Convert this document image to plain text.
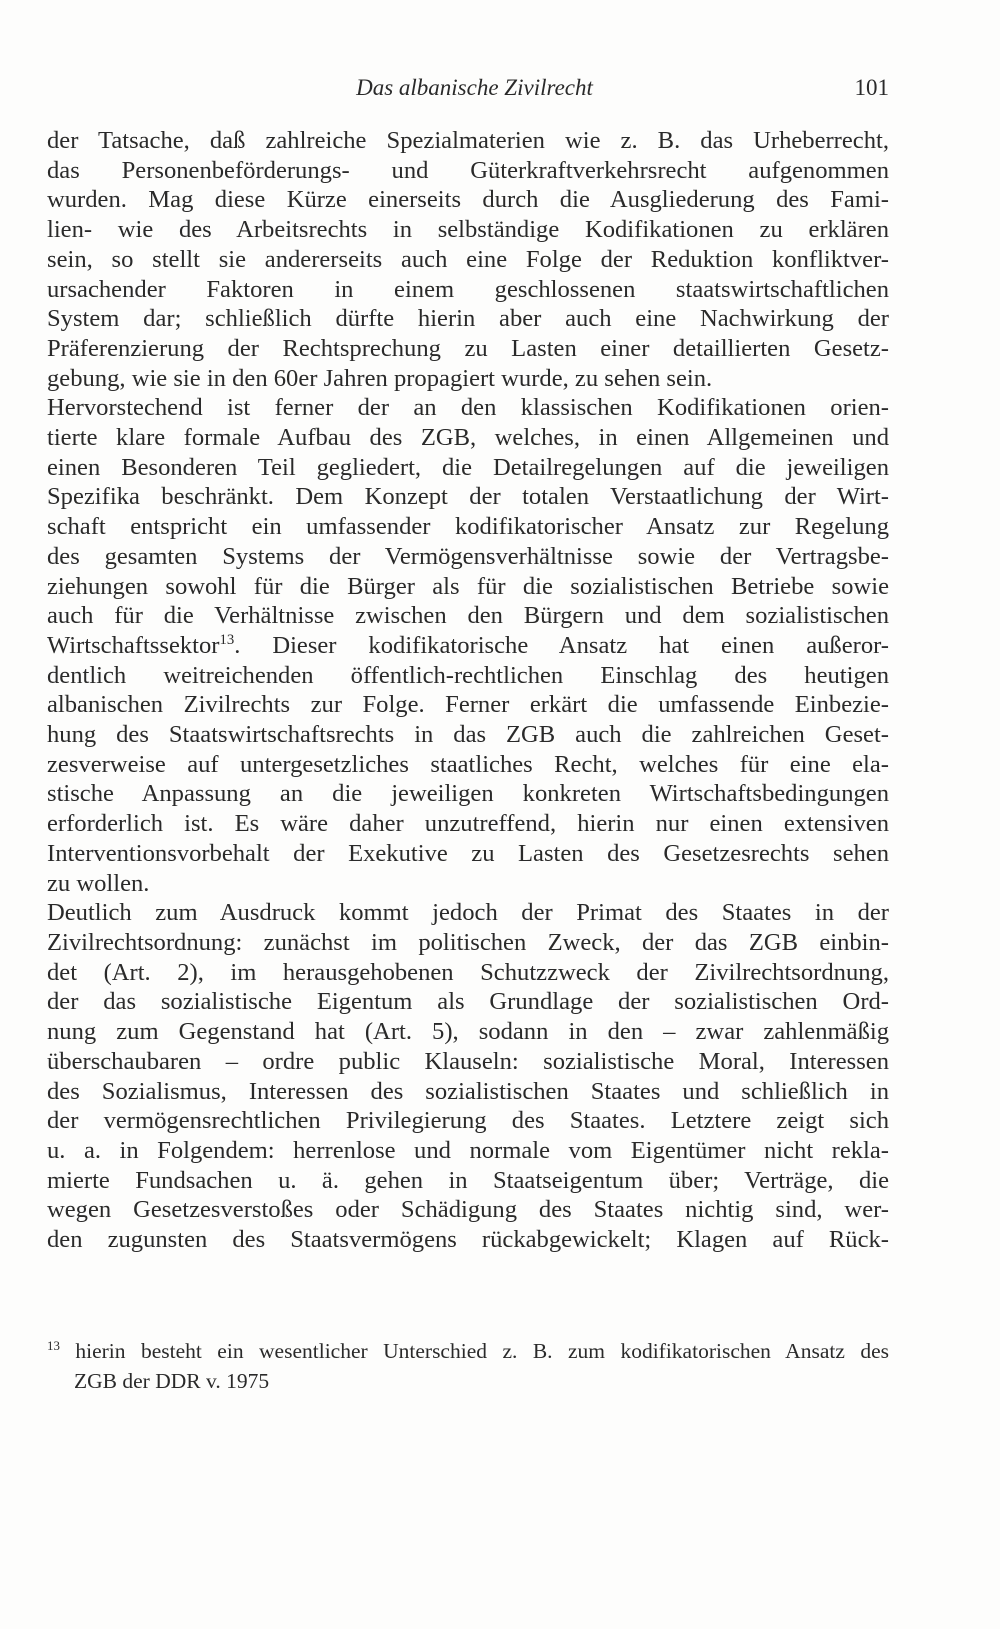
Das albanische Zivilrecht	101
der Tatsache, daß zahlreiche Spezialmaterien wie z. B. das Urheberrecht,
das Personenbeförderungs- und Güterkraftverkehrsrecht aufgenommen
wurden. Mag diese Kürze einerseits durch die Ausgliederung des Fami-
lien- wie des Arbeitsrechts in selbständige Kodifikationen zu erklären
sein, so stellt sie andererseits auch eine Folge der Reduktion konfliktver-
ursachender Faktoren in einem geschlossenen staatswirtschaftlichen
System dar; schließlich dürfte hierin aber auch eine Nachwirkung der
Präferenzierung der Rechtsprechung zu Lasten einer detaillierten Gesetz-
gebung, wie sie in den 60er Jahren propagiert wurde, zu sehen sein.
Hervorstechend ist ferner der an den klassischen Kodifikationen orien-
tierte klare formale Aufbau des ZGB, welches, in einen Allgemeinen und
einen Besonderen Teil gegliedert, die Detailregelungen auf die jeweiligen
Spezifika beschränkt. Dem Konzept der totalen Verstaatlichung der Wirt-
schaft entspricht ein umfassender kodifikatorischer Ansatz zur Regelung
des gesamten Systems der Vermögensverhältnisse sowie der Vertragsbe-
ziehungen sowohl für die Bürger als für die sozialistischen Betriebe sowie
auch für die Verhältnisse zwischen den Bürgern und dem sozialistischen
Wirtschaftssektor$^{13}$. Dieser kodifikatorische Ansatz hat einen außeror-
dentlich weitreichenden öffentlich-rechtlichen Einschlag des heutigen
albanischen Zivilrechts zur Folge. Ferner erkärt die umfassende Einbezie-
hung des Staatswirtschaftsrechts in das ZGB auch die zahlreichen Geset-
zesverweise auf untergesetzliches staatliches Recht, welches für eine ela-
stische Anpassung an die jeweiligen konkreten Wirtschaftsbedingungen
erforderlich ist. Es wäre daher unzutreffend, hierin nur einen extensiven
Interventionsvorbehalt der Exekutive zu Lasten des Gesetzesrechts sehen
zu wollen.
Deutlich zum Ausdruck kommt jedoch der Primat des Staates in der
Zivilrechtsordnung: zunächst im politischen Zweck, der das ZGB einbin-
det (Art. 2), im herausgehobenen Schutzzweck der Zivilrechtsordnung,
der das sozialistische Eigentum als Grundlage der sozialistischen Ord-
nung zum Gegenstand hat (Art. 5), sodann in den – zwar zahlenmäßig
überschaubaren – ordre public Klauseln: sozialistische Moral, Interessen
des Sozialismus, Interessen des sozialistischen Staates und schließlich in
der vermögensrechtlichen Privilegierung des Staates. Letztere zeigt sich
u. a. in Folgendem: herrenlose und normale vom Eigentümer nicht rekla-
mierte Fundsachen u. ä. gehen in Staatseigentum über; Verträge, die
wegen Gesetzesverstoßes oder Schädigung des Staates nichtig sind, wer-
den zugunsten des Staatsvermögens rückabgewickelt; Klagen auf Rück-
$^{13}$ hierin besteht ein wesentlicher Unterschied z. B. zum kodifikatorischen Ansatz des
ZGB der DDR v. 1975
